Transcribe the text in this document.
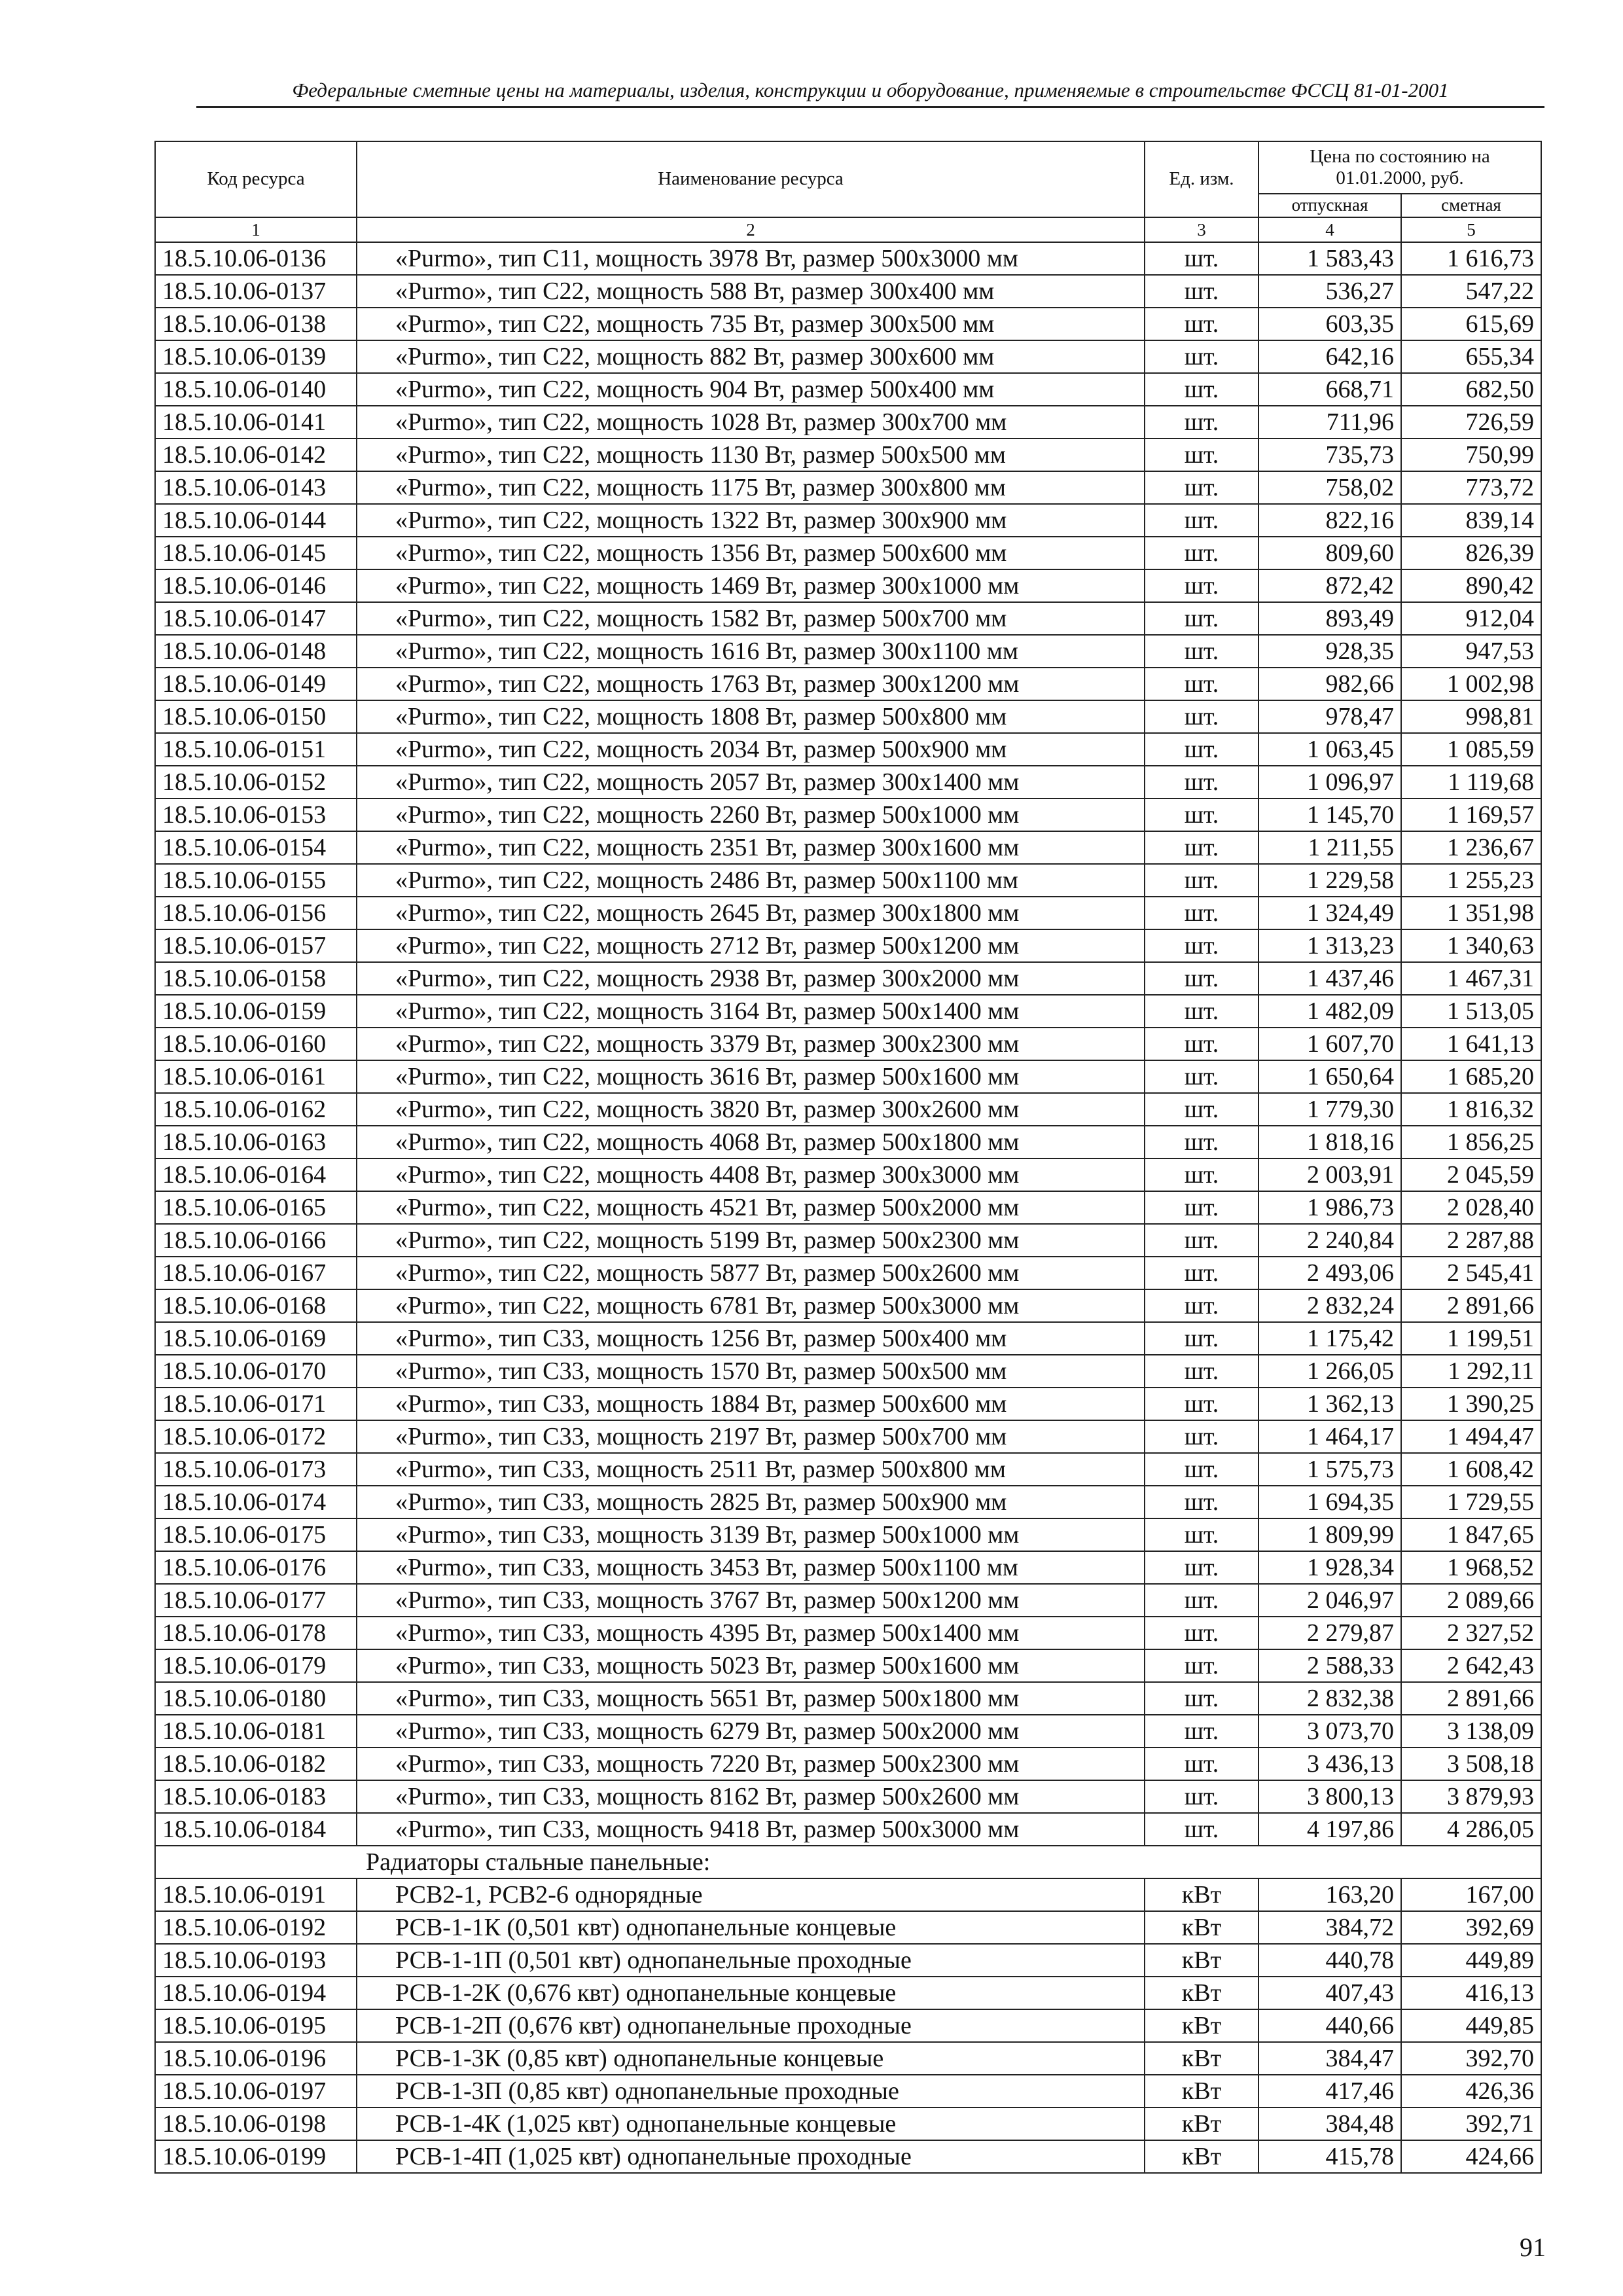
Федеральные сметные цены на материалы, изделия, конструкции и оборудование, применяемые в строительстве ФССЦ 81-01-2001
Код ресурса	Наименование ресурса	Ед. изм.	Цена по состоянию на 01.01.2000, руб.	
			отпускная	сметная
1	2	3	4	5
18.5.10.06-0136	«Purmo», тип C11, мощность 3978 Вт, размер 500х3000 мм	шт.	1 583,43	1 616,73
18.5.10.06-0137	«Purmo», тип C22, мощность 588 Вт, размер 300х400 мм	шт.	536,27	547,22
18.5.10.06-0138	«Purmo», тип C22, мощность 735 Вт, размер 300х500 мм	шт.	603,35	615,69
18.5.10.06-0139	«Purmo», тип C22, мощность 882 Вт, размер 300х600 мм	шт.	642,16	655,34
18.5.10.06-0140	«Purmo», тип C22, мощность 904 Вт, размер 500х400 мм	шт.	668,71	682,50
18.5.10.06-0141	«Purmo», тип C22, мощность 1028 Вт, размер 300х700 мм	шт.	711,96	726,59
18.5.10.06-0142	«Purmo», тип C22, мощность 1130 Вт, размер 500х500 мм	шт.	735,73	750,99
18.5.10.06-0143	«Purmo», тип C22, мощность 1175 Вт, размер 300х800 мм	шт.	758,02	773,72
18.5.10.06-0144	«Purmo», тип C22, мощность 1322 Вт, размер 300х900 мм	шт.	822,16	839,14
18.5.10.06-0145	«Purmo», тип C22, мощность 1356 Вт, размер 500х600 мм	шт.	809,60	826,39
18.5.10.06-0146	«Purmo», тип C22, мощность 1469 Вт, размер 300х1000 мм	шт.	872,42	890,42
18.5.10.06-0147	«Purmo», тип C22, мощность 1582 Вт, размер 500х700 мм	шт.	893,49	912,04
18.5.10.06-0148	«Purmo», тип C22, мощность 1616 Вт, размер 300х1100 мм	шт.	928,35	947,53
18.5.10.06-0149	«Purmo», тип C22, мощность 1763 Вт, размер 300х1200 мм	шт.	982,66	1 002,98
18.5.10.06-0150	«Purmo», тип C22, мощность 1808 Вт, размер 500х800 мм	шт.	978,47	998,81
18.5.10.06-0151	«Purmo», тип C22, мощность 2034 Вт, размер 500х900 мм	шт.	1 063,45	1 085,59
18.5.10.06-0152	«Purmo», тип C22, мощность 2057 Вт, размер 300х1400 мм	шт.	1 096,97	1 119,68
18.5.10.06-0153	«Purmo», тип C22, мощность 2260 Вт, размер 500х1000 мм	шт.	1 145,70	1 169,57
18.5.10.06-0154	«Purmo», тип C22, мощность 2351 Вт, размер 300х1600 мм	шт.	1 211,55	1 236,67
18.5.10.06-0155	«Purmo», тип C22, мощность 2486 Вт, размер 500х1100 мм	шт.	1 229,58	1 255,23
18.5.10.06-0156	«Purmo», тип C22, мощность 2645 Вт, размер 300х1800 мм	шт.	1 324,49	1 351,98
18.5.10.06-0157	«Purmo», тип C22, мощность 2712 Вт, размер 500х1200 мм	шт.	1 313,23	1 340,63
18.5.10.06-0158	«Purmo», тип C22, мощность 2938 Вт, размер 300х2000 мм	шт.	1 437,46	1 467,31
18.5.10.06-0159	«Purmo», тип C22, мощность 3164 Вт, размер 500х1400 мм	шт.	1 482,09	1 513,05
18.5.10.06-0160	«Purmo», тип C22, мощность 3379 Вт, размер 300х2300 мм	шт.	1 607,70	1 641,13
18.5.10.06-0161	«Purmo», тип C22, мощность 3616 Вт, размер 500х1600 мм	шт.	1 650,64	1 685,20
18.5.10.06-0162	«Purmo», тип C22, мощность 3820 Вт, размер 300х2600 мм	шт.	1 779,30	1 816,32
18.5.10.06-0163	«Purmo», тип C22, мощность 4068 Вт, размер 500х1800 мм	шт.	1 818,16	1 856,25
18.5.10.06-0164	«Purmo», тип C22, мощность 4408 Вт, размер 300х3000 мм	шт.	2 003,91	2 045,59
18.5.10.06-0165	«Purmo», тип C22, мощность 4521 Вт, размер 500х2000 мм	шт.	1 986,73	2 028,40
18.5.10.06-0166	«Purmo», тип C22, мощность 5199 Вт, размер 500х2300 мм	шт.	2 240,84	2 287,88
18.5.10.06-0167	«Purmo», тип C22, мощность 5877 Вт, размер 500х2600 мм	шт.	2 493,06	2 545,41
18.5.10.06-0168	«Purmo», тип C22, мощность 6781 Вт, размер 500х3000 мм	шт.	2 832,24	2 891,66
18.5.10.06-0169	«Purmo», тип C33, мощность 1256 Вт, размер 500х400 мм	шт.	1 175,42	1 199,51
18.5.10.06-0170	«Purmo», тип C33, мощность 1570 Вт, размер 500х500 мм	шт.	1 266,05	1 292,11
18.5.10.06-0171	«Purmo», тип C33, мощность 1884 Вт, размер 500х600 мм	шт.	1 362,13	1 390,25
18.5.10.06-0172	«Purmo», тип C33, мощность 2197 Вт, размер 500х700 мм	шт.	1 464,17	1 494,47
18.5.10.06-0173	«Purmo», тип C33, мощность 2511 Вт, размер 500х800 мм	шт.	1 575,73	1 608,42
18.5.10.06-0174	«Purmo», тип C33, мощность 2825 Вт, размер 500х900 мм	шт.	1 694,35	1 729,55
18.5.10.06-0175	«Purmo», тип C33, мощность 3139 Вт, размер 500х1000 мм	шт.	1 809,99	1 847,65
18.5.10.06-0176	«Purmo», тип C33, мощность 3453 Вт, размер 500х1100 мм	шт.	1 928,34	1 968,52
18.5.10.06-0177	«Purmo», тип C33, мощность 3767 Вт, размер 500х1200 мм	шт.	2 046,97	2 089,66
18.5.10.06-0178	«Purmo», тип C33, мощность 4395 Вт, размер 500х1400 мм	шт.	2 279,87	2 327,52
18.5.10.06-0179	«Purmo», тип C33, мощность 5023 Вт, размер 500х1600 мм	шт.	2 588,33	2 642,43
18.5.10.06-0180	«Purmo», тип C33, мощность 5651 Вт, размер 500х1800 мм	шт.	2 832,38	2 891,66
18.5.10.06-0181	«Purmo», тип C33, мощность 6279 Вт, размер 500х2000 мм	шт.	3 073,70	3 138,09
18.5.10.06-0182	«Purmo», тип C33, мощность 7220 Вт, размер 500х2300 мм	шт.	3 436,13	3 508,18
18.5.10.06-0183	«Purmo», тип C33, мощность 8162 Вт, размер 500х2600 мм	шт.	3 800,13	3 879,93
18.5.10.06-0184	«Purmo», тип C33, мощность 9418 Вт, размер 500х3000 мм	шт.	4 197,86	4 286,05
	Радиаторы стальные панельные:			
18.5.10.06-0191	РСВ2-1, РСВ2-6 однорядные	кВт	163,20	167,00
18.5.10.06-0192	РСВ-1-1К (0,501 квт) однопанельные концевые	кВт	384,72	392,69
18.5.10.06-0193	РСВ-1-1П (0,501 квт) однопанельные проходные	кВт	440,78	449,89
18.5.10.06-0194	РСВ-1-2К (0,676 квт) однопанельные концевые	кВт	407,43	416,13
18.5.10.06-0195	РСВ-1-2П (0,676 квт) однопанельные проходные	кВт	440,66	449,85
18.5.10.06-0196	РСВ-1-3К (0,85 квт) однопанельные концевые	кВт	384,47	392,70
18.5.10.06-0197	РСВ-1-3П (0,85 квт) однопанельные проходные	кВт	417,46	426,36
18.5.10.06-0198	РСВ-1-4К (1,025 квт) однопанельные концевые	кВт	384,48	392,71
18.5.10.06-0199	РСВ-1-4П (1,025 квт) однопанельные проходные	кВт	415,78	424,66
91
